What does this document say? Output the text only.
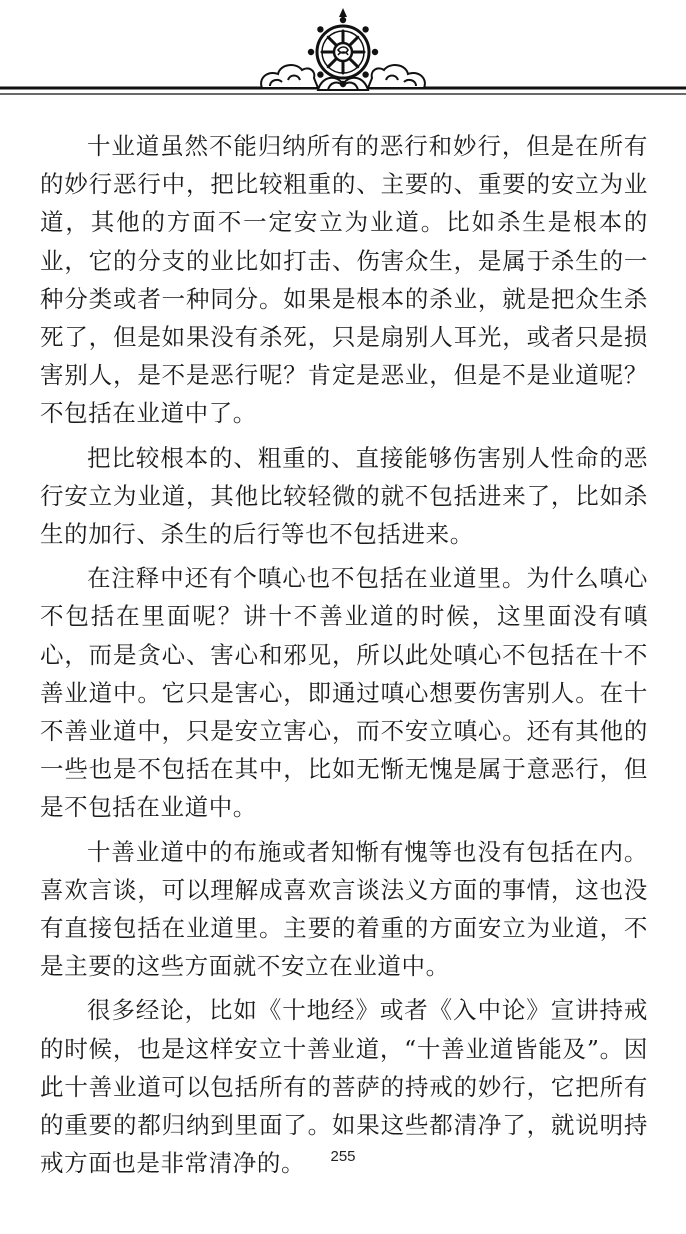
十业道虽然不能归纳所有的恶行和妙行，但是在所有的妙行恶行中，把比较粗重的、主要的、重要的安立为业道，其他的方面不一定安立为业道。比如杀生是根本的业，它的分支的业比如打击、伤害众生，是属于杀生的一种分类或者一种同分。如果是根本的杀业，就是把众生杀死了，但是如果没有杀死，只是扇别人耳光，或者只是损害别人，是不是恶行呢？肯定是恶业，但是不是业道呢？不包括在业道中了。

把比较根本的、粗重的、直接能够伤害别人性命的恶行安立为业道，其他比较轻微的就不包括进来了，比如杀生的加行、杀生的后行等也不包括进来。

在注释中还有个嗔心也不包括在业道里。为什么嗔心不包括在里面呢？讲十不善业道的时候，这里面没有嗔心，而是贪心、害心和邪见，所以此处嗔心不包括在十不善业道中。它只是害心，即通过嗔心想要伤害别人。在十不善业道中，只是安立害心，而不安立嗔心。还有其他的一些也是不包括在其中，比如无惭无愧是属于意恶行，但是不包括在业道中。

十善业道中的布施或者知惭有愧等也没有包括在内。喜欢言谈，可以理解成喜欢言谈法义方面的事情，这也没有直接包括在业道里。主要的着重的方面安立为业道，不是主要的这些方面就不安立在业道中。

很多经论，比如《十地经》或者《入中论》宣讲持戒的时候，也是这样安立十善业道，“十善业道皆能及”。因此十善业道可以包括所有的菩萨的持戒的妙行，它把所有的重要的都归纳到里面了。如果这些都清净了，就说明持戒方面也是非常清净的。	255
